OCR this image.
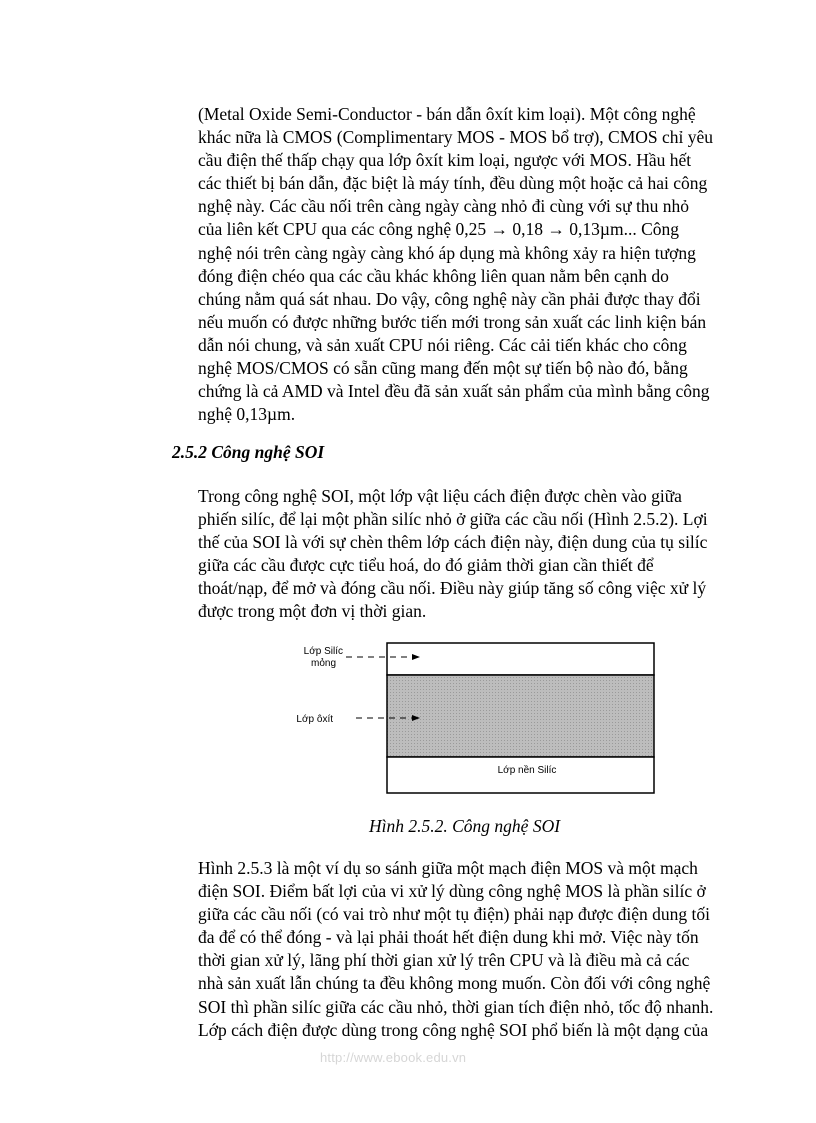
(Metal Oxide Semi-Conductor - bán dẫn ôxít kim loại). Một công nghệ
khác nữa là CMOS (Complimentary MOS - MOS bổ trợ), CMOS chỉ yêu
cầu điện thế thấp chạy qua lớp ôxít kim loại, ngược với MOS. Hầu hết
các thiết bị bán dẫn, đặc biệt là máy tính, đều dùng một hoặc cả hai công
nghệ này. Các cầu nối trên càng ngày càng nhỏ đi cùng với sự thu nhỏ
của liên kết CPU qua các công nghệ 0,25 → 0,18 → 0,13µm... Công
nghệ nói trên càng ngày càng khó áp dụng mà không xảy ra hiện tượng
đóng điện chéo qua các cầu khác không liên quan nằm bên cạnh do
chúng nằm quá sát nhau. Do vậy, công nghệ này cần phải được thay đổi
nếu muốn có được những bước tiến mới trong sản xuất các linh kiện bán
dẫn nói chung, và sản xuất CPU nói riêng. Các cải tiến khác cho công
nghệ MOS/CMOS có sẵn cũng mang đến một sự tiến bộ nào đó, bằng
chứng là cả AMD và Intel đều đã sản xuất sản phẩm của mình bằng công
nghệ 0,13µm.

2.5.2 Công nghệ SOI

Trong công nghệ SOI, một lớp vật liệu cách điện được chèn vào giữa
phiến silíc, để lại một phần silíc nhỏ ở giữa các cầu nối (Hình 2.5.2). Lợi
thế của SOI là với sự chèn thêm lớp cách điện này, điện dung của tụ silíc
giữa các cầu được cực tiểu hoá, do đó giảm thời gian cần thiết để
thoát/nạp, để mở và đóng cầu nối. Điều này giúp tăng số công việc xử lý
được trong một đơn vị thời gian.

Lớp Silíc
mỏng
Lớp ôxít
Lớp nền Silíc

Hình 2.5.2. Công nghệ SOI

Hình 2.5.3 là một ví dụ so sánh giữa một mạch điện MOS và một mạch
điện SOI. Điểm bất lợi của vi xử lý dùng công nghệ MOS là phần silíc ở
giữa các cầu nối (có vai trò như một tụ điện) phải nạp được điện dung tối
đa để có thể đóng - và lại phải thoát hết điện dung khi mở. Việc này tốn
thời gian xử lý, lãng phí thời gian xử lý trên CPU và là điều mà cả các
nhà sản xuất lẫn chúng ta đều không mong muốn. Còn đối với công nghệ
SOI thì phần silíc giữa các cầu nhỏ, thời gian tích điện nhỏ, tốc độ nhanh.
Lớp cách điện được dùng trong công nghệ SOI phổ biến là một dạng của

http://www.ebook.edu.vn
